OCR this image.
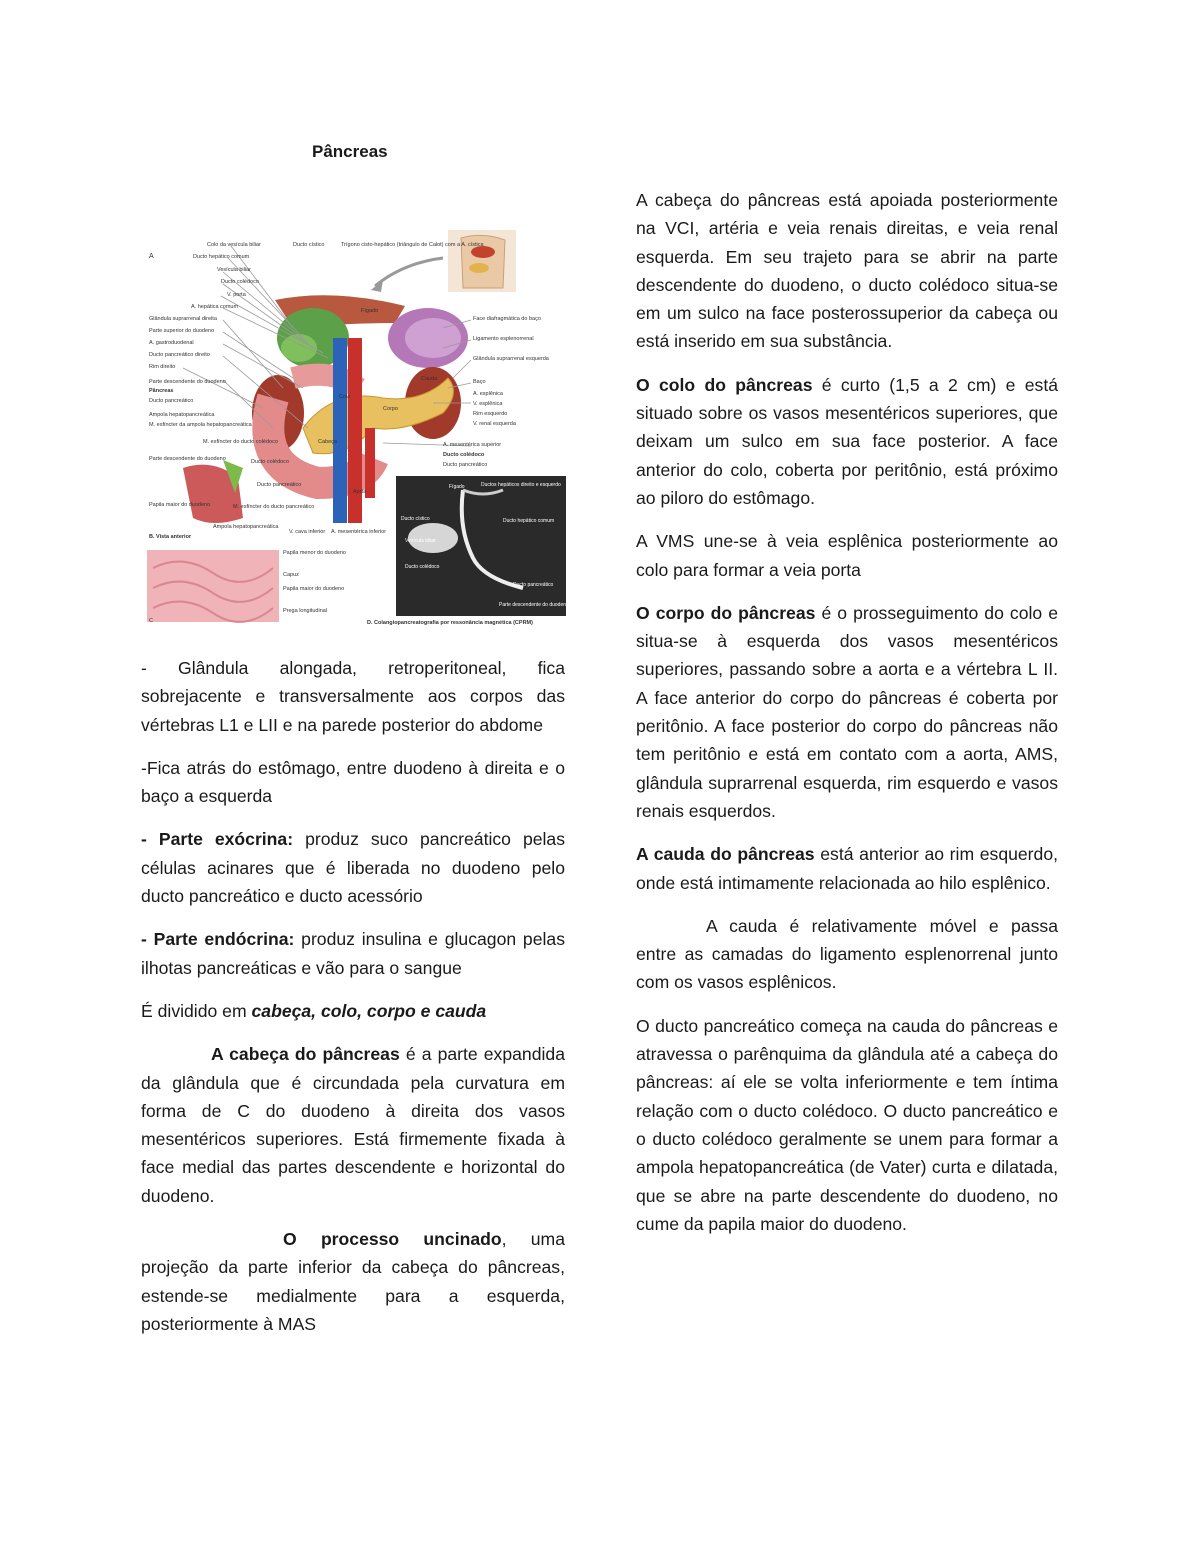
Pâncreas
A
Colo da vesícula biliar
Ducto hepático comum
Vesícula biliar
Ducto colédoco
V. porta
A. hepática comum
Glândula suprarrenal direita
Parte superior do duodeno
A. gastroduodenal
Ducto pancreático direito
Rim direito
Parte descendente do duodeno
Pâncreas
Ducto pancreático
Ampola hepatopancreática
M. esfíncter da ampola hepatopancreática
Ducto cístico	Trígono cisto-hepático (triângulo de Calot) com a A. cística
Face diafragmática do baço
Ligamento esplenorrenal
Glândula suprarrenal esquerda
Baço
A. esplênica
V. esplênica
Rim esquerdo
V. renal esquerda
A. mesentérica superior
Ducto colédoco
Ducto pancreático
Fígado
Cauda
Corpo
Colo
Cabeça
Aorta
M. esfíncter do ducto colédoco
Parte descendente do duodeno	Ducto colédoco
Ducto pancreático
Papila maior do duodeno	M. esfíncter do ducto pancreático
Ampola hepatopancreática
V. cava inferior A. mesentérica inferior
B. Vista anterior
Papila menor do duodeno
Capuz
Papila maior do duodeno
Prega longitudinal
C	D. Colangiopancreatografia por ressonância magnética (CPRM)
Fígado	Ductos hepáticos direito e esquerdo
Ducto cístico	Ducto hepático comum
Vesícula biliar
Ducto colédoco
Ducto pancreático
Parte descendente do duodeno

- Glândula alongada, retroperitoneal, fica sobrejacente e transversalmente aos corpos das vértebras L1 e LII e na parede posterior do abdome

-Fica atrás do estômago, entre duodeno à direita e o baço a esquerda

- Parte exócrina: produz suco pancreático pelas células acinares que é liberada no duodeno pelo ducto pancreático e ducto acessório

- Parte endócrina: produz insulina e glucagon pelas ilhotas pancreáticas e vão para o sangue

É dividido em cabeça, colo, corpo e cauda

A cabeça do pâncreas é a parte expandida da glândula que é circundada pela curvatura em forma de C do duodeno à direita dos vasos mesentéricos superiores. Está firmemente fixada à face medial das partes descendente e horizontal do duodeno.

O processo uncinado, uma projeção da parte inferior da cabeça do pâncreas, estende-se medialmente para a esquerda, posteriormente à MAS

A cabeça do pâncreas está apoiada posteriormente na VCI, artéria e veia renais direitas, e veia renal esquerda. Em seu trajeto para se abrir na parte descendente do duodeno, o ducto colédoco situa-se em um sulco na face posterossuperior da cabeça ou está inserido em sua substância.

O colo do pâncreas é curto (1,5 a 2 cm) e está situado sobre os vasos mesentéricos superiores, que deixam um sulco em sua face posterior. A face anterior do colo, coberta por peritônio, está próximo ao piloro do estômago.

A VMS une-se à veia esplênica posteriormente ao colo para formar a veia porta

O corpo do pâncreas é o prosseguimento do colo e situa-se à esquerda dos vasos mesentéricos superiores, passando sobre a aorta e a vértebra L II. A face anterior do corpo do pâncreas é coberta por peritônio. A face posterior do corpo do pâncreas não tem peritônio e está em contato com a aorta, AMS, glândula suprarrenal esquerda, rim esquerdo e vasos renais esquerdos.

A cauda do pâncreas está anterior ao rim esquerdo, onde está intimamente relacionada ao hilo esplênico.

A cauda é relativamente móvel e passa entre as camadas do ligamento esplenorrenal junto com os vasos esplênicos.

O ducto pancreático começa na cauda do pâncreas e atravessa o parênquima da glândula até a cabeça do pâncreas: aí ele se volta inferiormente e tem íntima relação com o ducto colédoco. O ducto pancreático e o ducto colédoco geralmente se unem para formar a ampola hepatopancreática (de Vater) curta e dilatada, que se abre na parte descendente do duodeno, no cume da papila maior do duodeno.
